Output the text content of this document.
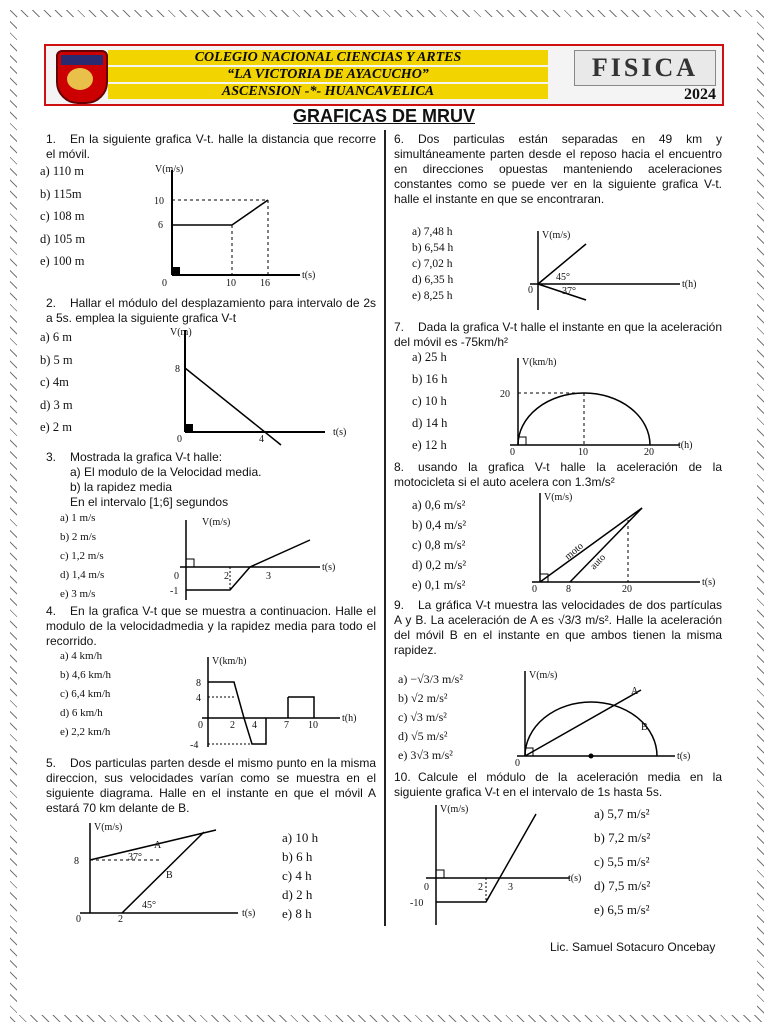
COLEGIO NACIONAL CIENCIAS Y ARTES
“LA VICTORIA DE AYACUCHO”
ASCENSION -*- HUANCAVELICA
FISICA
2024
GRAFICAS DE MRUV
1. En la siguiente grafica V-t. halle la distancia que recorre el móvil.
a) 110 m
b) 115m
c) 108 m
d) 105 m
e) 100 m
V(m/s)
10
6
0	10 16
t(s)
2. Hallar el módulo del desplazamiento para intervalo de 2s a 5s. emplea la siguiente grafica V-t
a) 6 m
b) 5 m
c) 4m
d) 3 m
e) 2 m
V(m)
8
0	4
t(s)
3. Mostrada la grafica V-t halle:
a) El modulo de la Velocidad media.
b) la rapidez media
En el intervalo [1;6] segundos
a) 1 m/s
b) 2 m/s
c) 1,2 m/s
d) 1,4 m/s
e) 3 m/s
V(m/s)
0
-1
2	3
t(s)
4. En la grafica V-t que se muestra a continuacion. Halle el modulo de la velocidadmedia y la rapidez media para todo el recorrido.
a) 4 km/h
b) 4,6 km/h
c) 6,4 km/h
d) 6 km/h
e) 2,2 km/h
V(km/h)
8
4
0
-4
2 4	7 10
t(h)
5. Dos particulas parten desde el mismo punto en la misma direccion, sus velocidades varían como se muestra en el siguiente diagrama. Halle en el instante en que el móvil A estará 70 km delante de B.
V(m/s)
8
0	2
A
B
37°
45°
t(s)
a) 10 h
b) 6 h
c) 4 h
d) 2 h
e) 8 h
6. Dos particulas están separadas en 49 km y simultáneamente parten desde el reposo hacia el encuentro en direcciones opuestas manteniendo aceleraciones constantes como se puede ver en la siguiente grafica V-t. halle el instante en que se encontraran.
a) 7,48 h
b) 6,54 h
c) 7,02 h
d) 6,35 h
e) 8,25 h
V(m/s)
0
45°
37°
t(h)
7. Dada la grafica V-t halle el instante en que la aceleración del móvil es -75km/h²
a) 25 h
b) 16 h
c) 10 h
d) 14 h
e) 12 h
V(km/h)
20
0	10	20
t(h)
8. usando la grafica V-t halle la aceleración de la motocicleta si el auto acelera con 1.3m/s²
a) 0,6 m/s²
b) 0,4 m/s²
c) 0,8 m/s²
d) 0,2 m/s²
e) 0,1 m/s²
V(m/s)
0	8	20
moto auto
t(s)
9. La gráfica V-t muestra las velocidades de dos partículas A y B. La aceleración de A es √3/3 m/s². Halle la aceleración del móvil B en el instante en que ambos tienen la misma rapidez.
a) −√3/3 m/s²
b) √2 m/s²
c) √3 m/s²
d) √5 m/s²
e) 3√3 m/s²
V(m/s)
0
A
B
t(s)
10. Calcule el módulo de la aceleración media en la siguiente grafica V-t en el intervalo de 1s hasta 5s.
V(m/s)
0
-10
2	3
t(s)
a) 5,7 m/s²
b) 7,2 m/s²
c) 5,5 m/s²
d) 7,5 m/s²
e) 6,5 m/s²
Lic. Samuel Sotacuro Oncebay
